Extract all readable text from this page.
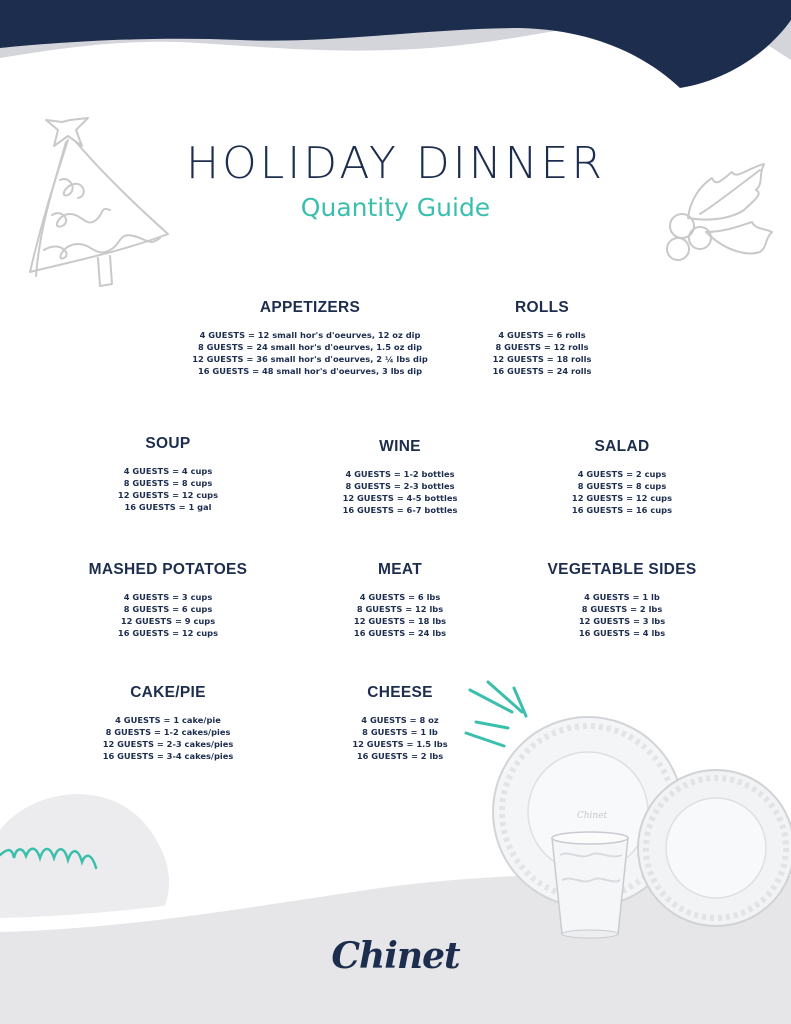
HOLIDAY DINNER
Quantity Guide
APPETIZERS
4 GUESTS = 12 small hor's d'oeurves, 12 oz dip
8 GUESTS = 24 small hor's d'oeurves, 1.5 oz dip
12 GUESTS = 36 small hor's d'oeurves, 2 ¼ lbs dip
16 GUESTS = 48 small hor's d'oeurves, 3 lbs dip
ROLLS
4 GUESTS = 6 rolls
8 GUESTS = 12 rolls
12 GUESTS = 18 rolls
16 GUESTS = 24 rolls
SOUP
4 GUESTS = 4 cups
8 GUESTS = 8 cups
12 GUESTS = 12 cups
16 GUESTS = 1 gal
WINE
4 GUESTS = 1-2 bottles
8 GUESTS = 2-3 bottles
12 GUESTS = 4-5 bottles
16 GUESTS = 6-7 bottles
SALAD
4 GUESTS = 2 cups
8 GUESTS = 8 cups
12 GUESTS = 12 cups
16 GUESTS = 16 cups
MASHED POTATOES
4 GUESTS = 3 cups
8 GUESTS = 6 cups
12 GUESTS = 9 cups
16 GUESTS = 12 cups
MEAT
4 GUESTS = 6 lbs
8 GUESTS = 12 lbs
12 GUESTS = 18 lbs
16 GUESTS = 24 lbs
VEGETABLE SIDES
4 GUESTS = 1 lb
8 GUESTS = 2 lbs
12 GUESTS = 3 lbs
16 GUESTS = 4 lbs
CAKE/PIE
4 GUESTS = 1 cake/pie
8 GUESTS = 1-2 cakes/pies
12 GUESTS = 2-3 cakes/pies
16 GUESTS = 3-4 cakes/pies
CHEESE
4 GUESTS = 8 oz
8 GUESTS = 1 lb
12 GUESTS = 1.5 lbs
16 GUESTS = 2 lbs
Chinet
Chinet
